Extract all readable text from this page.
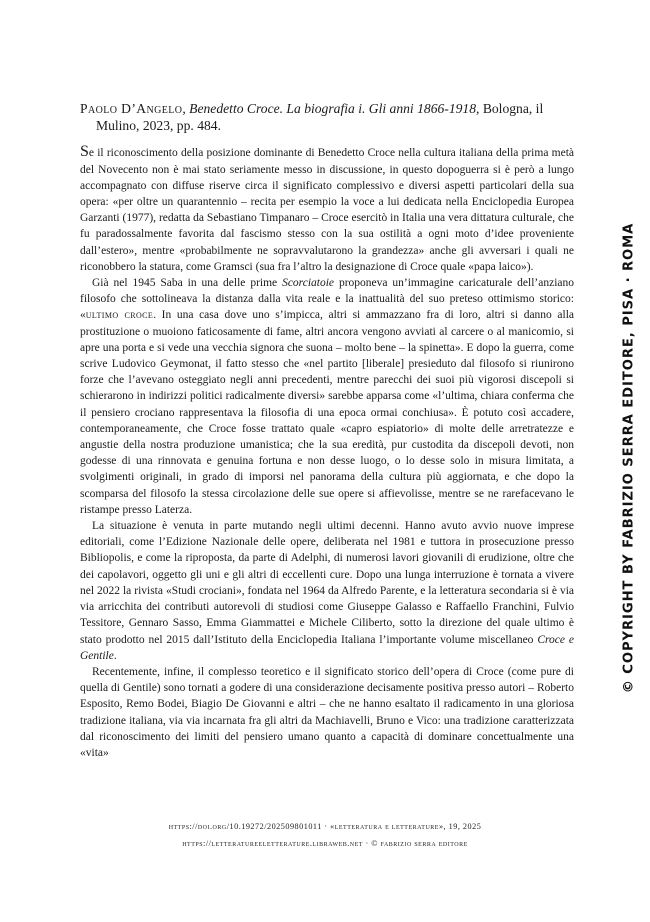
Paolo D’Angelo, Benedetto Croce. La biografia i. Gli anni 1866-1918, Bologna, il Mulino, 2023, pp. 484.

Se il riconoscimento della posizione dominante di Benedetto Croce nella cultura italiana della prima metà del Novecento non è mai stato seriamente messo in discussione, in questo dopoguerra si è però a lungo accompagnato con diffuse riserve circa il significato complessivo e diversi aspetti particolari della sua opera: «per oltre un quarantennio – recita per esempio la voce a lui dedicata nella Enciclopedia Europea Garzanti (1977), redatta da Sebastiano Timpanaro – Croce esercitò in Italia una vera dittatura culturale, che fu paradossalmente favorita dal fascismo stesso con la sua ostilità a ogni moto d’idee proveniente dall’estero», mentre «probabilmente ne sopravvalutarono la grandezza» anche gli avversari i quali ne riconobbero la statura, come Gramsci (sua fra l’altro la designazione di Croce quale «papa laico»).

Già nel 1945 Saba in una delle prime Scorciatoie proponeva un’immagine caricaturale dell’anziano filosofo che sottolineava la distanza dalla vita reale e la inattualità del suo preteso ottimismo storico: «ultimo croce. In una casa dove uno s’impicca, altri si ammazzano fra di loro, altri si danno alla prostituzione o muoiono faticosamente di fame, altri ancora vengono avviati al carcere o al manicomio, si apre una porta e si vede una vecchia signora che suona – molto bene – la spinetta». E dopo la guerra, come scrive Ludovico Geymonat, il fatto stesso che «nel partito [liberale] presieduto dal filosofo si riunirono forze che l’avevano osteggiato negli anni precedenti, mentre parecchi dei suoi più vigorosi discepoli si schierarono in indirizzi politici radicalmente diversi» sarebbe apparsa come «l’ultima, chiara conferma che il pensiero crociano rappresentava la filosofia di una epoca ormai conchiusa». È potuto così accadere, contemporaneamente, che Croce fosse trattato quale «capro espiatorio» di molte delle arretratezze e angustie della nostra produzione umanistica; che la sua eredità, pur custodita da discepoli devoti, non godesse di una rinnovata e genuina fortuna e non desse luogo, o lo desse solo in misura limitata, a svolgimenti originali, in grado di imporsi nel panorama della cultura più aggiornata, e che dopo la scomparsa del filosofo la stessa circolazione delle sue opere si affievolisse, mentre se ne rarefacevano le ristampe presso Laterza.

La situazione è venuta in parte mutando negli ultimi decenni. Hanno avuto avvio nuove imprese editoriali, come l’Edizione Nazionale delle opere, deliberata nel 1981 e tuttora in prosecuzione presso Bibliopolis, e come la riproposta, da parte di Adelphi, di numerosi lavori giovanili di erudizione, oltre che dei capolavori, oggetto gli uni e gli altri di eccellenti cure. Dopo una lunga interruzione è tornata a vivere nel 2022 la rivista «Studi crociani», fondata nel 1964 da Alfredo Parente, e la letteratura secondaria si è via via arricchita dei contributi autorevoli di studiosi come Giuseppe Galasso e Raffaello Franchini, Fulvio Tessitore, Gennaro Sasso, Emma Giammattei e Michele Ciliberto, sotto la direzione del quale ultimo è stato prodotto nel 2015 dall’Istituto della Enciclopedia Italiana l’importante volume miscellaneo Croce e Gentile.

Recentemente, infine, il complesso teoretico e il significato storico dell’opera di Croce (come pure di quella di Gentile) sono tornati a godere di una considerazione decisamente positiva presso autori – Roberto Esposito, Remo Bodei, Biagio De Giovanni e altri – che ne hanno esaltato il radicamento in una gloriosa tradizione italiana, via via incarnata fra gli altri da Machiavelli, Bruno e Vico: una tradizione caratterizzata dal riconoscimento dei limiti del pensiero umano quanto a capacità di dominare concettualmente una «vita»

https://doi.org/10.19272/202509801011 · «letteratura e letterature», 19, 2025
https://letteratureeletterature.libraweb.net · © fabrizio serra editore
© COPYRIGHT BY FABRIZIO SERRA EDITORE, PISA · ROMA
